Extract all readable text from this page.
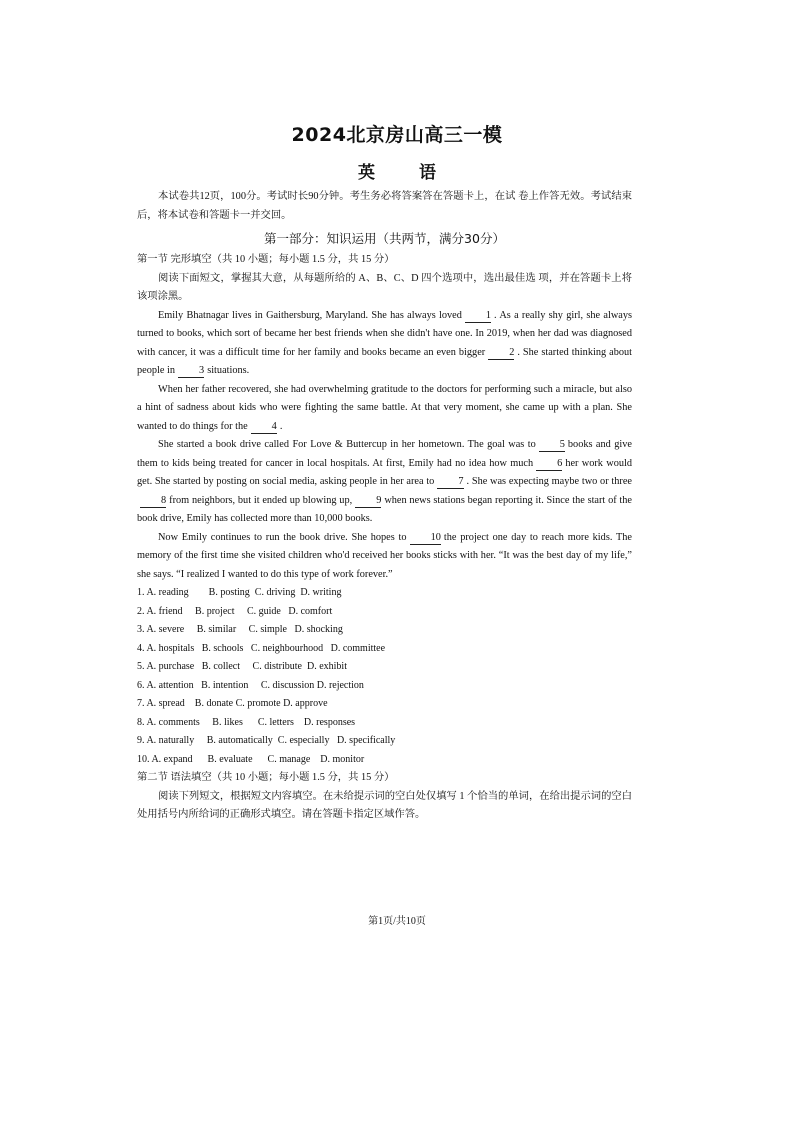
2024北京房山高三一模
英	语

本试卷共12页，100分。考试时长90分钟。考生务必将答案答在答题卡上，在试 卷上作答无效。考试结束后，将本试卷和答题卡一并交回。

第一部分：知识运用（共两节，满分30分）

第一节 完形填空（共 10 小题；每小题 1.5 分，共 15 分）

阅读下面短文，掌握其大意，从每题所给的 A、B、C、D 四个选项中，选出最佳选 项，并在答题卡上将该项涂黑。

Emily Bhatnagar lives in Gaithersburg, Maryland. She has always loved 1 . As a really shy girl, she always turned to books, which sort of became her best friends when she didn't have one. In 2019, when her dad was diagnosed with cancer, it was a difficult time for her family and books became an even bigger 2 . She started thinking about people in 3 situations.

When her father recovered, she had overwhelming gratitude to the doctors for performing such a miracle, but also a hint of sadness about kids who were fighting the same battle. At that very moment, she came up with a plan. She wanted to do things for the 4 .

She started a book drive called For Love & Buttercup in her hometown. The goal was to 5 books and give them to kids being treated for cancer in local hospitals. At first, Emily had no idea how much 6 her work would get. She started by posting on social media, asking people in her area to 7 . She was expecting maybe two or three8 from neighbors, but it ended up blowing up, 9 when news stations began reporting it. Since the start of the book drive, Emily has collected more than 10,000 books.

Now Emily continues to run the book drive. She hopes to 10 the project one day to reach more kids. The memory of the first time she visited children who'd received her books sticks with her. “It was the best day of my life,” she says. “I realized I wanted to do this type of work forever.”

1. A. reading        B. posting  C. driving  D. writing

2. A. friend     B. project     C. guide   D. comfort

3. A. severe     B. similar     C. simple   D. shocking

4. A. hospitals   B. schools   C. neighbourhood   D. committee

5. A. purchase   B. collect     C. distribute  D. exhibit

6. A. attention   B. intention     C. discussion D. rejection

7. A. spread    B. donate C. promote D. approve

8. A. comments     B. likes      C. letters    D. responses

9. A. naturally     B. automatically  C. especially   D. specifically

10. A. expand      B. evaluate      C. manage    D. monitor

第二节 语法填空（共 10 小题；每小题 1.5 分，共 15 分）

阅读下列短文，根据短文内容填空。在未给提示词的空白处仅填写 1 个恰当的单词，在给出提示词的空白处用括号内所给词的正确形式填空。请在答题卡指定区域作答。

第1页/共10页
